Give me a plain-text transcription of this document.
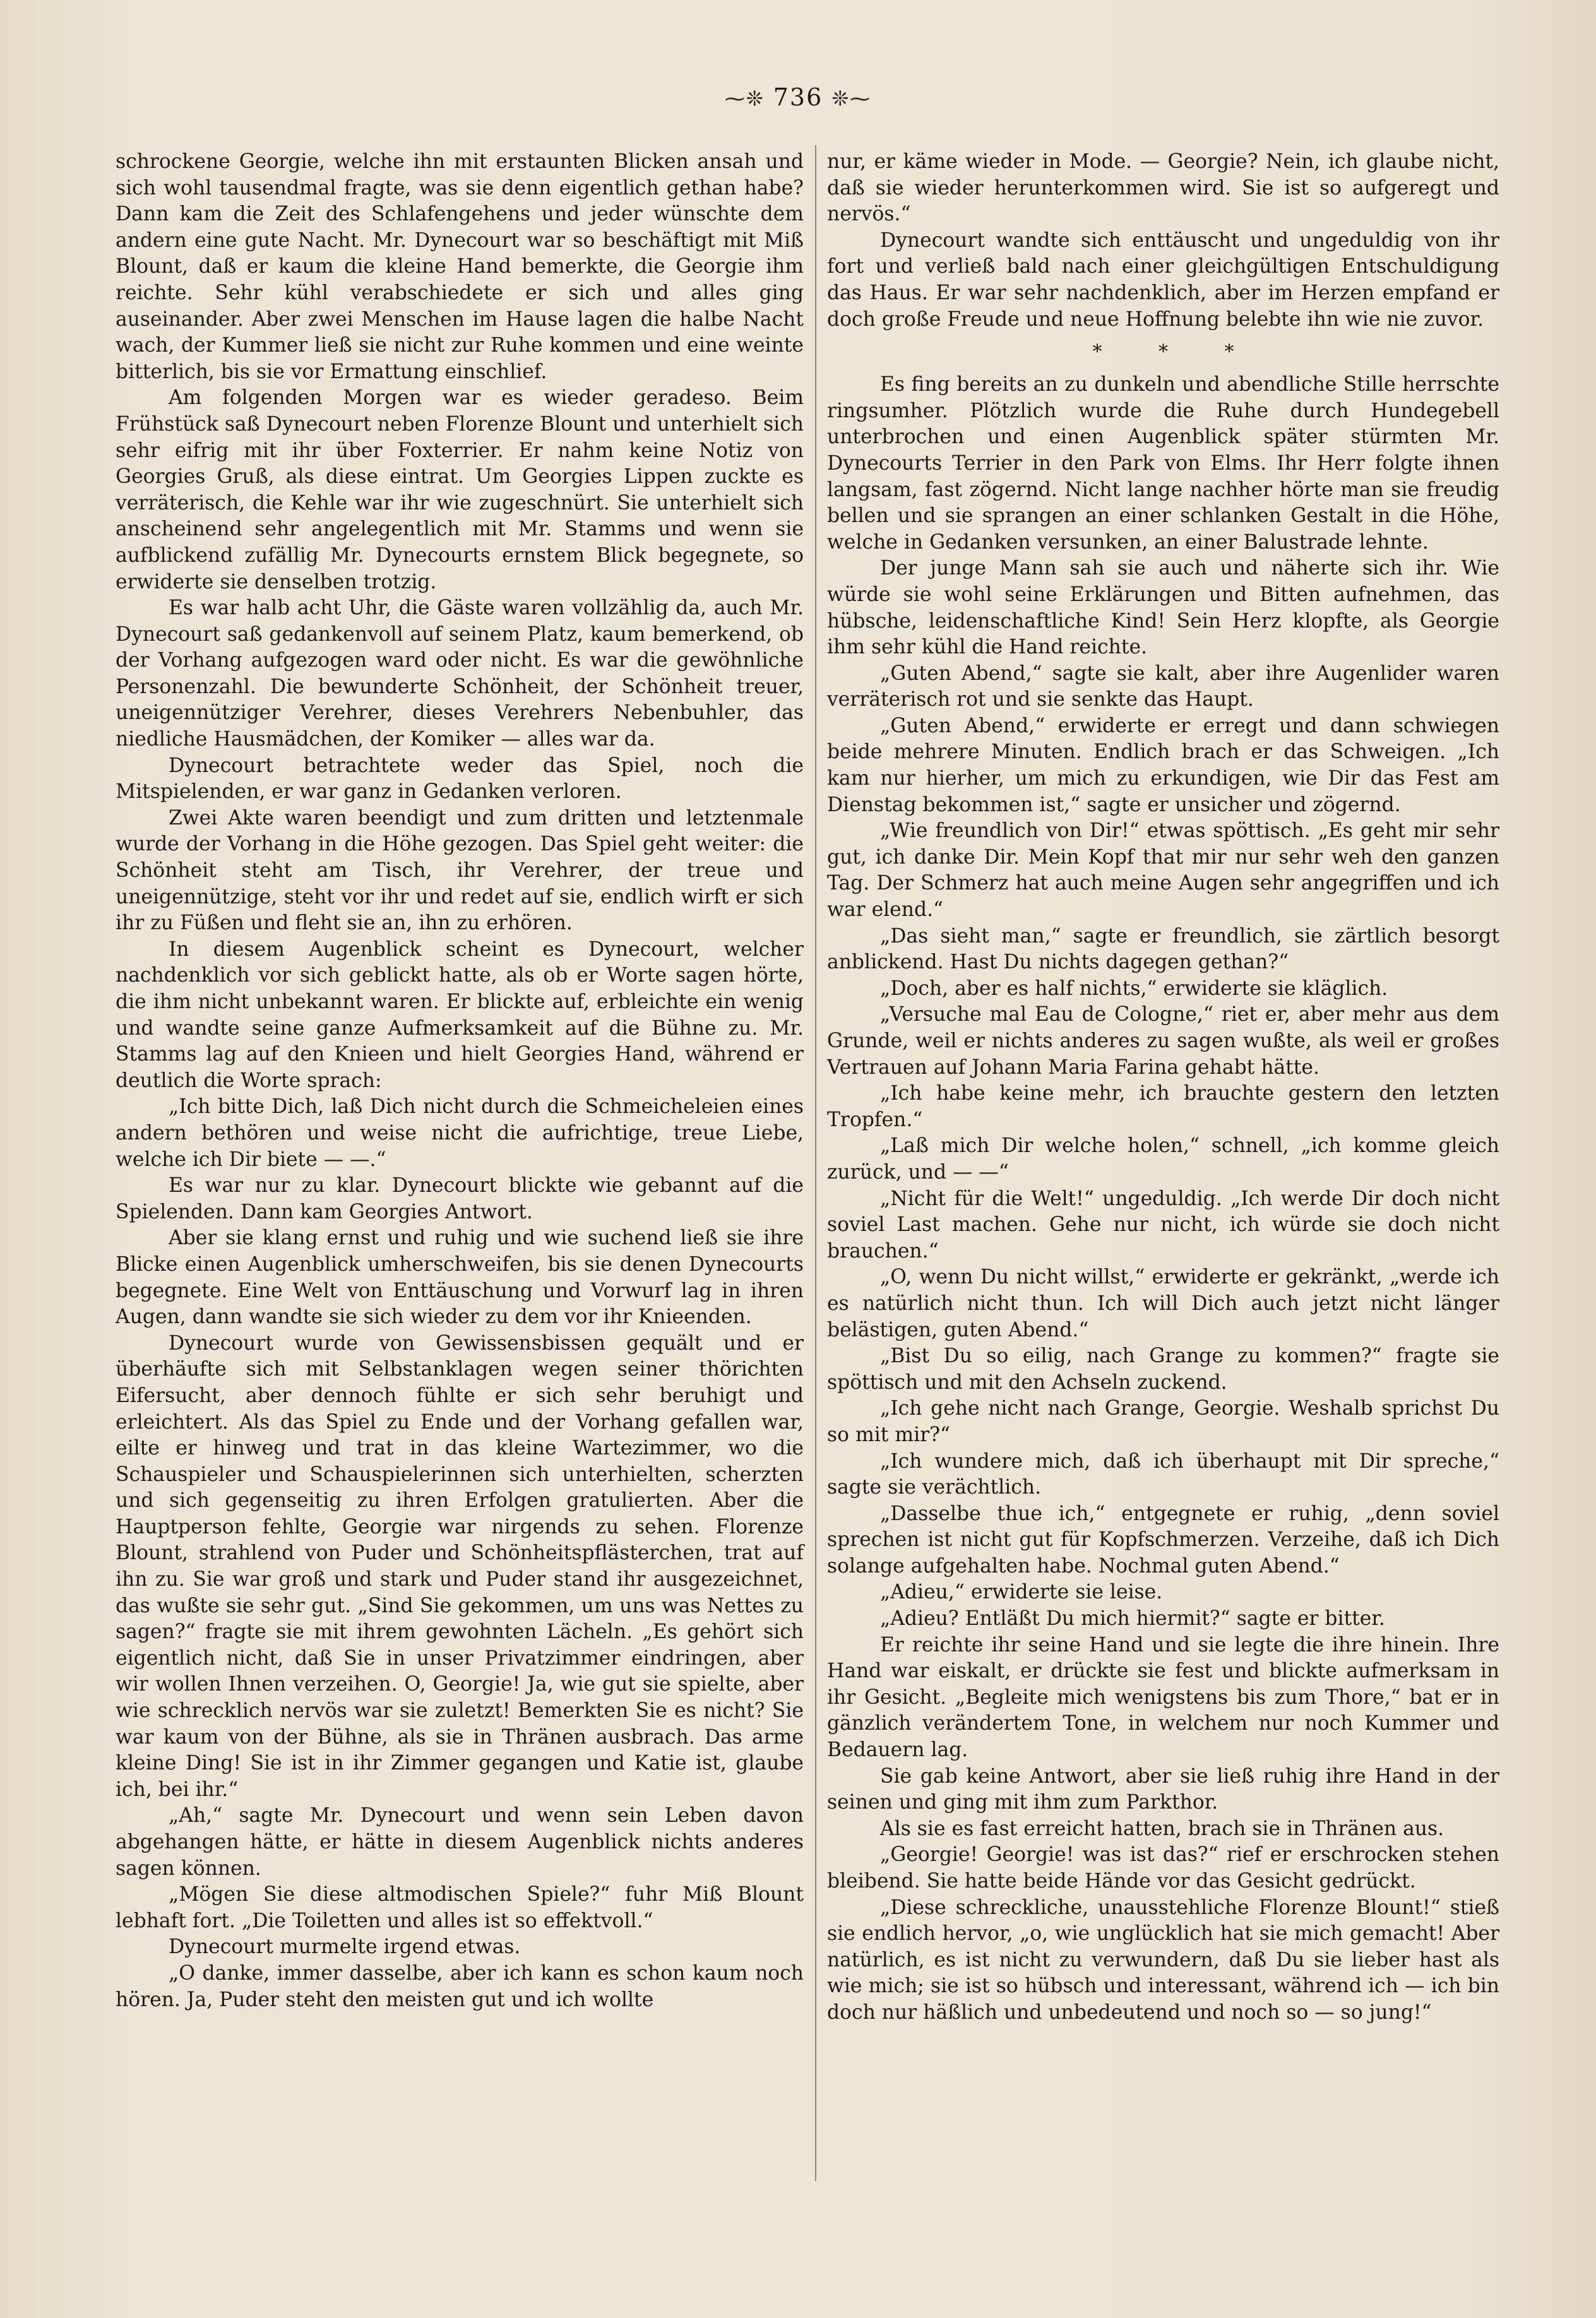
⁓❊ 736 ❊⁓

schrockene Georgie, welche ihn mit erstaunten Blicken ansah und sich wohl tausendmal fragte, was sie denn eigentlich gethan habe? Dann kam die Zeit des Schlafengehens und jeder wünschte dem andern eine gute Nacht. Mr. Dynecourt war so beschäftigt mit Miß Blount, daß er kaum die kleine Hand bemerkte, die Georgie ihm reichte. Sehr kühl verabschiedete er sich und alles ging auseinander. Aber zwei Menschen im Hause lagen die halbe Nacht wach, der Kummer ließ sie nicht zur Ruhe kommen und eine weinte bitterlich, bis sie vor Ermattung einschlief.

Am folgenden Morgen war es wieder geradeso. Beim Frühstück saß Dynecourt neben Florenze Blount und unterhielt sich sehr eifrig mit ihr über Foxterrier. Er nahm keine Notiz von Georgies Gruß, als diese eintrat. Um Georgies Lippen zuckte es verräterisch, die Kehle war ihr wie zugeschnürt. Sie unterhielt sich anscheinend sehr angelegentlich mit Mr. Stamms und wenn sie aufblickend zufällig Mr. Dynecourts ernstem Blick begegnete, so erwiderte sie denselben trotzig.

Es war halb acht Uhr, die Gäste waren vollzählig da, auch Mr. Dynecourt saß gedankenvoll auf seinem Platz, kaum bemerkend, ob der Vorhang aufgezogen ward oder nicht. Es war die gewöhnliche Personenzahl. Die bewunderte Schönheit, der Schönheit treuer, uneigennütziger Verehrer, dieses Verehrers Nebenbuhler, das niedliche Hausmädchen, der Komiker — alles war da.

Dynecourt betrachtete weder das Spiel, noch die Mitspielenden, er war ganz in Gedanken verloren.

Zwei Akte waren beendigt und zum dritten und letztenmale wurde der Vorhang in die Höhe gezogen. Das Spiel geht weiter: die Schönheit steht am Tisch, ihr Verehrer, der treue und uneigennützige, steht vor ihr und redet auf sie, endlich wirft er sich ihr zu Füßen und fleht sie an, ihn zu erhören.

In diesem Augenblick scheint es Dynecourt, welcher nachdenklich vor sich geblickt hatte, als ob er Worte sagen hörte, die ihm nicht unbekannt waren. Er blickte auf, erbleichte ein wenig und wandte seine ganze Aufmerksamkeit auf die Bühne zu. Mr. Stamms lag auf den Knieen und hielt Georgies Hand, während er deutlich die Worte sprach:

„Ich bitte Dich, laß Dich nicht durch die Schmeicheleien eines andern bethören und weise nicht die aufrichtige, treue Liebe, welche ich Dir biete — —.“

Es war nur zu klar. Dynecourt blickte wie gebannt auf die Spielenden. Dann kam Georgies Antwort.

Aber sie klang ernst und ruhig und wie suchend ließ sie ihre Blicke einen Augenblick umherschweifen, bis sie denen Dynecourts begegnete. Eine Welt von Enttäuschung und Vorwurf lag in ihren Augen, dann wandte sie sich wieder zu dem vor ihr Knieenden.

Dynecourt wurde von Gewissensbissen gequält und er überhäufte sich mit Selbstanklagen wegen seiner thörichten Eifersucht, aber dennoch fühlte er sich sehr beruhigt und erleichtert. Als das Spiel zu Ende und der Vorhang gefallen war, eilte er hinweg und trat in das kleine Wartezimmer, wo die Schauspieler und Schauspielerinnen sich unterhielten, scherzten und sich gegenseitig zu ihren Erfolgen gratulierten. Aber die Hauptperson fehlte, Georgie war nirgends zu sehen. Florenze Blount, strahlend von Puder und Schönheitspflästerchen, trat auf ihn zu. Sie war groß und stark und Puder stand ihr ausgezeichnet, das wußte sie sehr gut. „Sind Sie gekommen, um uns was Nettes zu sagen?“ fragte sie mit ihrem gewohnten Lächeln. „Es gehört sich eigentlich nicht, daß Sie in unser Privatzimmer eindringen, aber wir wollen Ihnen verzeihen. O, Georgie! Ja, wie gut sie spielte, aber wie schrecklich nervös war sie zuletzt! Bemerkten Sie es nicht? Sie war kaum von der Bühne, als sie in Thränen ausbrach. Das arme kleine Ding! Sie ist in ihr Zimmer gegangen und Katie ist, glaube ich, bei ihr.“

„Ah,“ sagte Mr. Dynecourt und wenn sein Leben davon abgehangen hätte, er hätte in diesem Augenblick nichts anderes sagen können.

„Mögen Sie diese altmodischen Spiele?“ fuhr Miß Blount lebhaft fort. „Die Toiletten und alles ist so effektvoll.“

Dynecourt murmelte irgend etwas.

„O danke, immer dasselbe, aber ich kann es schon kaum noch hören. Ja, Puder steht den meisten gut und ich wollte

nur, er käme wieder in Mode. — Georgie? Nein, ich glaube nicht, daß sie wieder herunterkommen wird. Sie ist so aufgeregt und nervös.“

Dynecourt wandte sich enttäuscht und ungeduldig von ihr fort und verließ bald nach einer gleichgültigen Entschuldigung das Haus. Er war sehr nachdenklich, aber im Herzen empfand er doch große Freude und neue Hoffnung belebte ihn wie nie zuvor.

* * *

Es fing bereits an zu dunkeln und abendliche Stille herrschte ringsumher. Plötzlich wurde die Ruhe durch Hundegebell unterbrochen und einen Augenblick später stürmten Mr. Dynecourts Terrier in den Park von Elms. Ihr Herr folgte ihnen langsam, fast zögernd. Nicht lange nachher hörte man sie freudig bellen und sie sprangen an einer schlanken Gestalt in die Höhe, welche in Gedanken versunken, an einer Balustrade lehnte.

Der junge Mann sah sie auch und näherte sich ihr. Wie würde sie wohl seine Erklärungen und Bitten aufnehmen, das hübsche, leidenschaftliche Kind! Sein Herz klopfte, als Georgie ihm sehr kühl die Hand reichte.

„Guten Abend,“ sagte sie kalt, aber ihre Augenlider waren verräterisch rot und sie senkte das Haupt.

„Guten Abend,“ erwiderte er erregt und dann schwiegen beide mehrere Minuten. Endlich brach er das Schweigen. „Ich kam nur hierher, um mich zu erkundigen, wie Dir das Fest am Dienstag bekommen ist,“ sagte er unsicher und zögernd.

„Wie freundlich von Dir!“ etwas spöttisch. „Es geht mir sehr gut, ich danke Dir. Mein Kopf that mir nur sehr weh den ganzen Tag. Der Schmerz hat auch meine Augen sehr angegriffen und ich war elend.“

„Das sieht man,“ sagte er freundlich, sie zärtlich besorgt anblickend. Hast Du nichts dagegen gethan?“

„Doch, aber es half nichts,“ erwiderte sie kläglich.

„Versuche mal Eau de Cologne,“ riet er, aber mehr aus dem Grunde, weil er nichts anderes zu sagen wußte, als weil er großes Vertrauen auf Johann Maria Farina gehabt hätte.

„Ich habe keine mehr, ich brauchte gestern den letzten Tropfen.“

„Laß mich Dir welche holen,“ schnell, „ich komme gleich zurück, und — —“

„Nicht für die Welt!“ ungeduldig. „Ich werde Dir doch nicht soviel Last machen. Gehe nur nicht, ich würde sie doch nicht brauchen.“

„O, wenn Du nicht willst,“ erwiderte er gekränkt, „werde ich es natürlich nicht thun. Ich will Dich auch jetzt nicht länger belästigen, guten Abend.“

„Bist Du so eilig, nach Grange zu kommen?“ fragte sie spöttisch und mit den Achseln zuckend.

„Ich gehe nicht nach Grange, Georgie. Weshalb sprichst Du so mit mir?“

„Ich wundere mich, daß ich überhaupt mit Dir spreche,“ sagte sie verächtlich.

„Dasselbe thue ich,“ entgegnete er ruhig, „denn soviel sprechen ist nicht gut für Kopfschmerzen. Verzeihe, daß ich Dich solange aufgehalten habe. Nochmal guten Abend.“

„Adieu,“ erwiderte sie leise.

„Adieu? Entläßt Du mich hiermit?“ sagte er bitter.

Er reichte ihr seine Hand und sie legte die ihre hinein. Ihre Hand war eiskalt, er drückte sie fest und blickte aufmerksam in ihr Gesicht. „Begleite mich wenigstens bis zum Thore,“ bat er in gänzlich verändertem Tone, in welchem nur noch Kummer und Bedauern lag.

Sie gab keine Antwort, aber sie ließ ruhig ihre Hand in der seinen und ging mit ihm zum Parkthor.

Als sie es fast erreicht hatten, brach sie in Thränen aus.

„Georgie! Georgie! was ist das?“ rief er erschrocken stehen bleibend. Sie hatte beide Hände vor das Gesicht gedrückt.

„Diese schreckliche, unausstehliche Florenze Blount!“ stieß sie endlich hervor, „o, wie unglücklich hat sie mich gemacht! Aber natürlich, es ist nicht zu verwundern, daß Du sie lieber hast als wie mich; sie ist so hübsch und interessant, während ich — ich bin doch nur häßlich und unbedeutend und noch so — so jung!“
